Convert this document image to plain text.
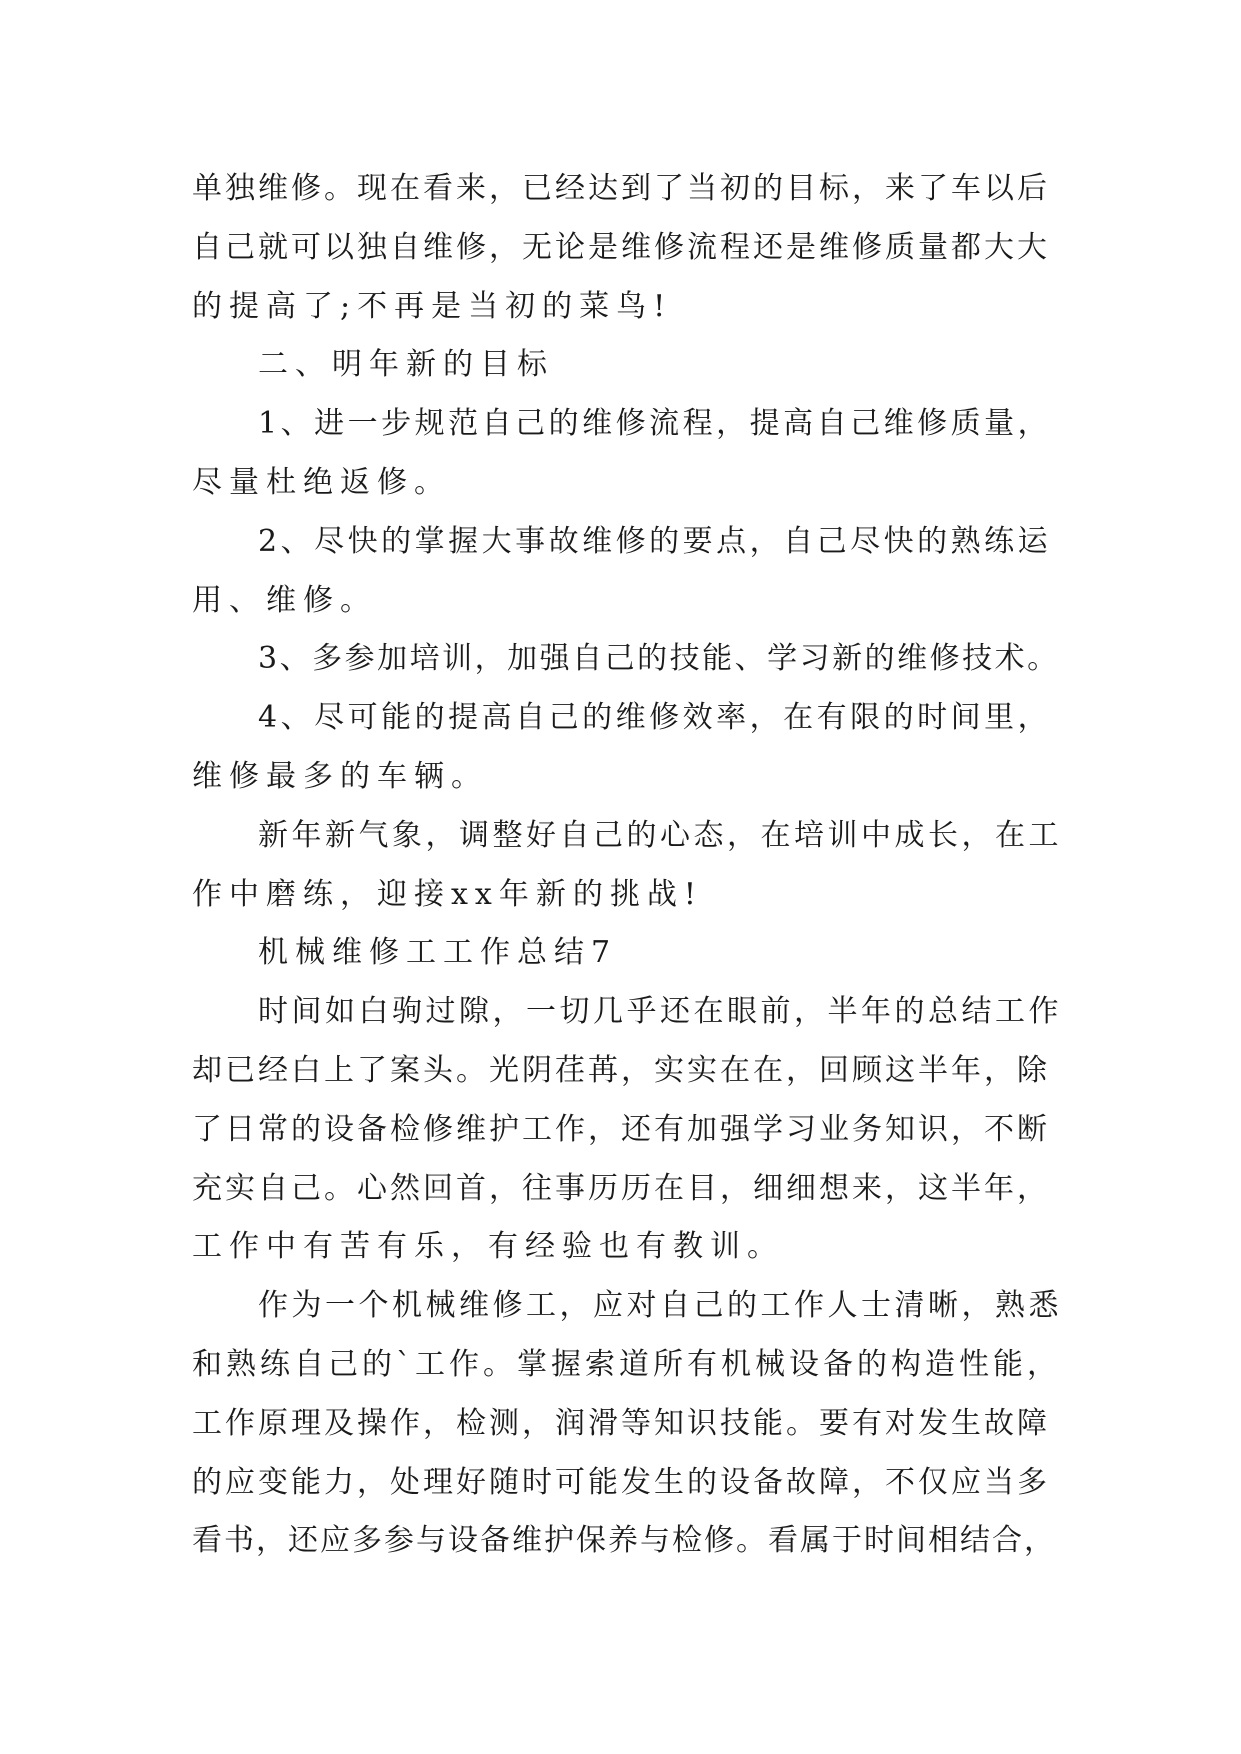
单独维修。现在看来，已经达到了当初的目标，来了车以后

自己就可以独自维修，无论是维修流程还是维修质量都大大

的提高了;不再是当初的菜鸟!

二、明年新的目标

1、进一步规范自己的维修流程，提高自己维修质量，

尽量杜绝返修。

2、尽快的掌握大事故维修的要点，自己尽快的熟练运

用、维修。

3、多参加培训，加强自己的技能、学习新的维修技术。

4、尽可能的提高自己的维修效率，在有限的时间里，

维修最多的车辆。

新年新气象，调整好自己的心态，在培训中成长，在工

作中磨练，迎接xx年新的挑战!

机械维修工工作总结7

时间如白驹过隙，一切几乎还在眼前，半年的总结工作

却已经白上了案头。光阴荏苒，实实在在，回顾这半年，除

了日常的设备检修维护工作，还有加强学习业务知识，不断

充实自己。心然回首，往事历历在目，细细想来，这半年，

工作中有苦有乐，有经验也有教训。

作为一个机械维修工，应对自己的工作人士清晰，熟悉

和熟练自己的`工作。掌握索道所有机械设备的构造性能，

工作原理及操作，检测，润滑等知识技能。要有对发生故障

的应变能力，处理好随时可能发生的设备故障，不仅应当多

看书，还应多参与设备维护保养与检修。看属于时间相结合，
